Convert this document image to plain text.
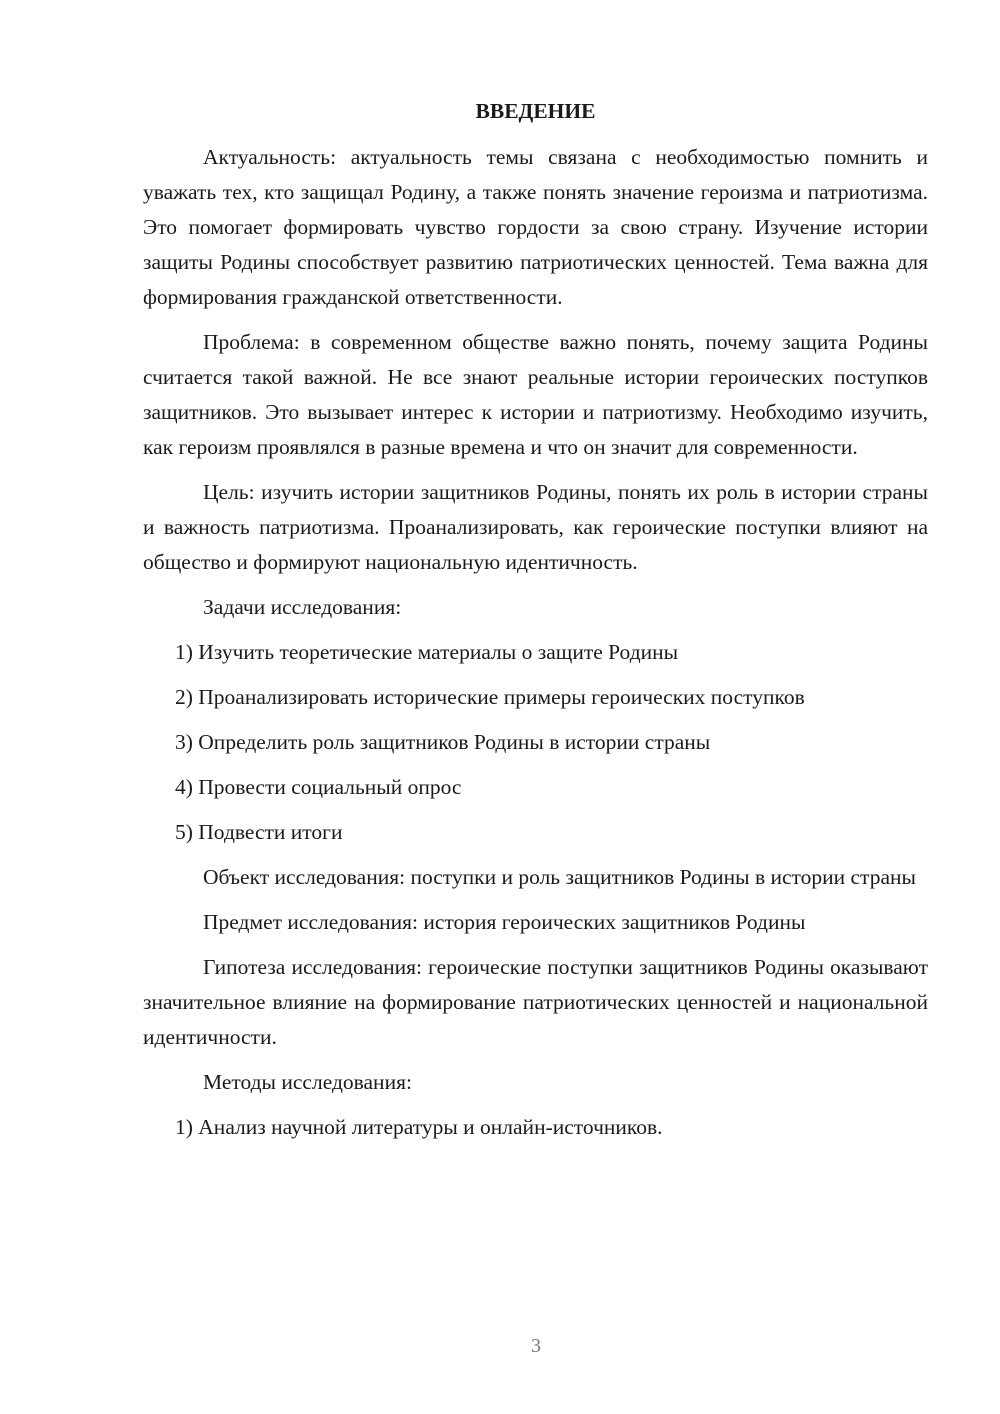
ВВЕДЕНИЕ

Актуальность: актуальность темы связана с необходимостью помнить и уважать тех, кто защищал Родину, а также понять значение героизма и патриотизма. Это помогает формировать чувство гордости за свою страну. Изучение истории защиты Родины способствует развитию патриотических ценностей. Тема важна для формирования гражданской ответственности.

Проблема: в современном обществе важно понять, почему защита Родины считается такой важной. Не все знают реальные истории героических поступков защитников. Это вызывает интерес к истории и патриотизму. Необходимо изучить, как героизм проявлялся в разные времена и что он значит для современности.

Цель: изучить истории защитников Родины, понять их роль в истории страны и важность патриотизма. Проанализировать, как героические поступки влияют на общество и формируют национальную идентичность.

Задачи исследования:

1) Изучить теоретические материалы о защите Родины

2) Проанализировать исторические примеры героических поступков

3) Определить роль защитников Родины в истории страны

4) Провести социальный опрос

5) Подвести итоги

Объект исследования: поступки и роль защитников Родины в истории страны

Предмет исследования: история героических защитников Родины

Гипотеза исследования: героические поступки защитников Родины оказывают значительное влияние на формирование патриотических ценностей и национальной идентичности.

Методы исследования:

1) Анализ научной литературы и онлайн-источников.

3
